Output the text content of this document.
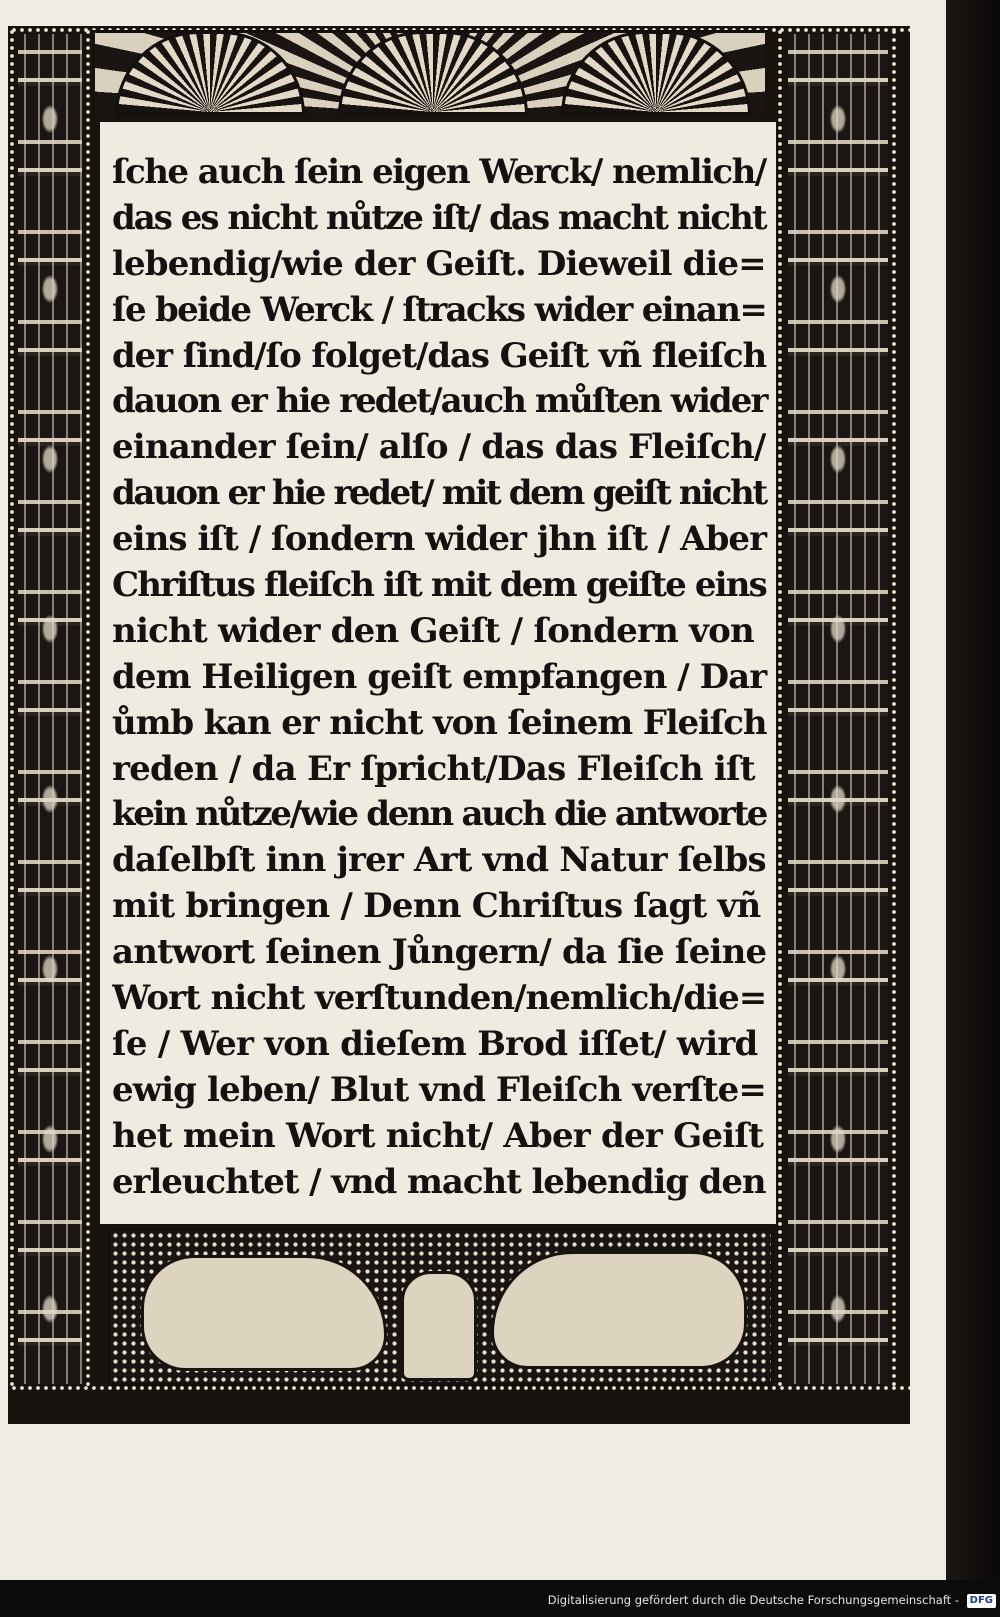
ſche auch ſein eigen Werck/ nemlich/
das es nicht nůtze iſt/ das macht nicht
lebendig/wie der Geiſt. Dieweil die=
ſe beide Werck / ſtracks wider einan=
der ſind/ſo folget/das Geiſt vñ fleiſch
dauon er hie redet/auch můſten wider
einander ſein/ alſo / das das Fleiſch/
dauon er hie redet/ mit dem geiſt nicht
eins iſt / ſondern wider jhn iſt / Aber
Chriſtus fleiſch iſt mit dem geiſte eins
nicht wider den Geiſt / ſondern von
dem Heiligen geiſt empfangen / Dar
ůmb kan er nicht von ſeinem Fleiſch
reden / da Er ſpricht/Das Fleiſch iſt
kein nůtze/wie denn auch die antworte
daſelbſt inn jrer Art vnd Natur ſelbs
mit bringen / Denn Chriſtus ſagt vñ
antwort ſeinen Jůngern/ da ſie ſeine
Wort nicht verſtunden/nemlich/die=
ſe / Wer von dieſem Brod iſſet/ wird
ewig leben/ Blut vnd Fleiſch verſte=
het mein Wort nicht/ Aber der Geiſt
erleuchtet / vnd macht lebendig den
Digitalisierung gefördert durch die Deutsche Forschungsgemeinschaft - DFG
